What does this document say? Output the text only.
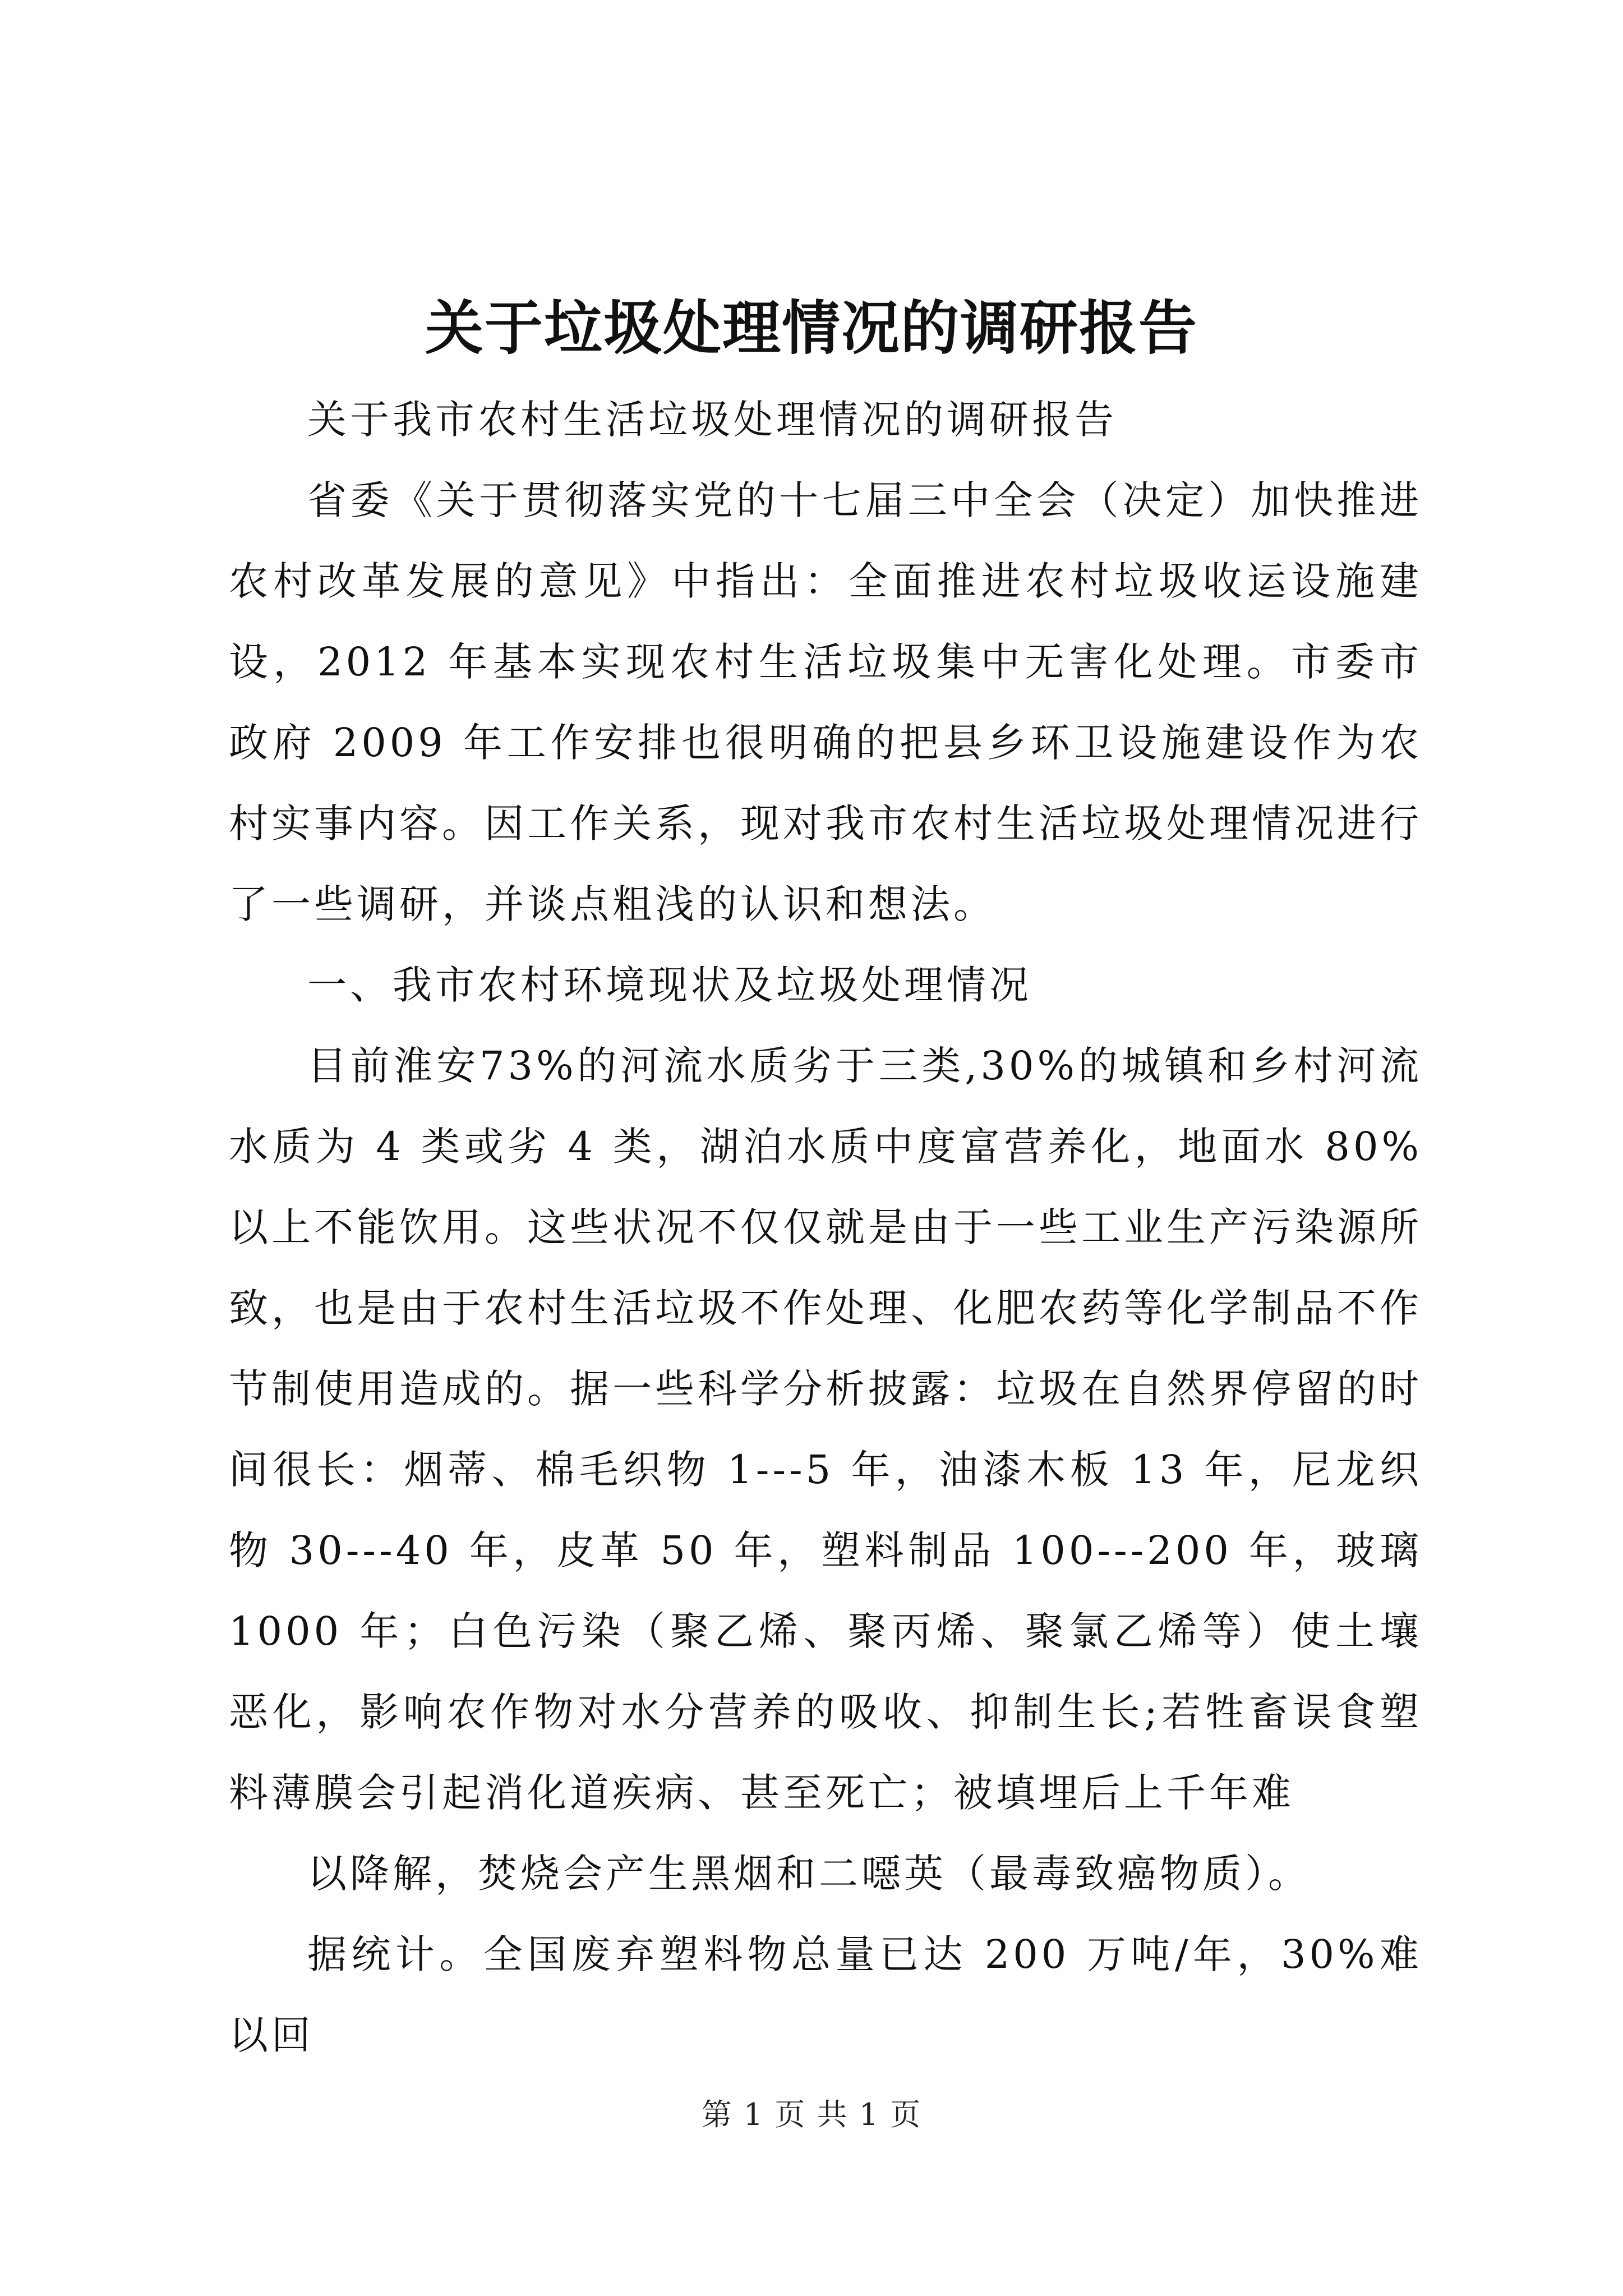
关于垃圾处理情况的调研报告

关于我市农村生活垃圾处理情况的调研报告

省委《关于贯彻落实党的十七届三中全会（决定）加快推进农村改革发展的意见》中指出：全面推进农村垃圾收运设施建设，2012 年基本实现农村生活垃圾集中无害化处理。市委市政府 2009 年工作安排也很明确的把县乡环卫设施建设作为农村实事内容。因工作关系，现对我市农村生活垃圾处理情况进行了一些调研，并谈点粗浅的认识和想法。

一、我市农村环境现状及垃圾处理情况

目前淮安73%的河流水质劣于三类,30%的城镇和乡村河流水质为 4 类或劣 4 类，湖泊水质中度富营养化，地面水 80%以上不能饮用。这些状况不仅仅就是由于一些工业生产污染源所致，也是由于农村生活垃圾不作处理、化肥农药等化学制品不作节制使用造成的。据一些科学分析披露：垃圾在自然界停留的时间很长：烟蒂、棉毛织物 1---5 年，油漆木板 13 年，尼龙织物 30---40 年，皮革 50 年，塑料制品 100---200 年，玻璃 1000 年；白色污染（聚乙烯、聚丙烯、聚氯乙烯等）使土壤恶化，影响农作物对水分营养的吸收、抑制生长;若牲畜误食塑料薄膜会引起消化道疾病、甚至死亡；被填埋后上千年难

以降解，焚烧会产生黑烟和二噁英（最毒致癌物质）。

据统计。全国废弃塑料物总量已达 200 万吨/年，30%难以回

第 1 页 共 1 页
